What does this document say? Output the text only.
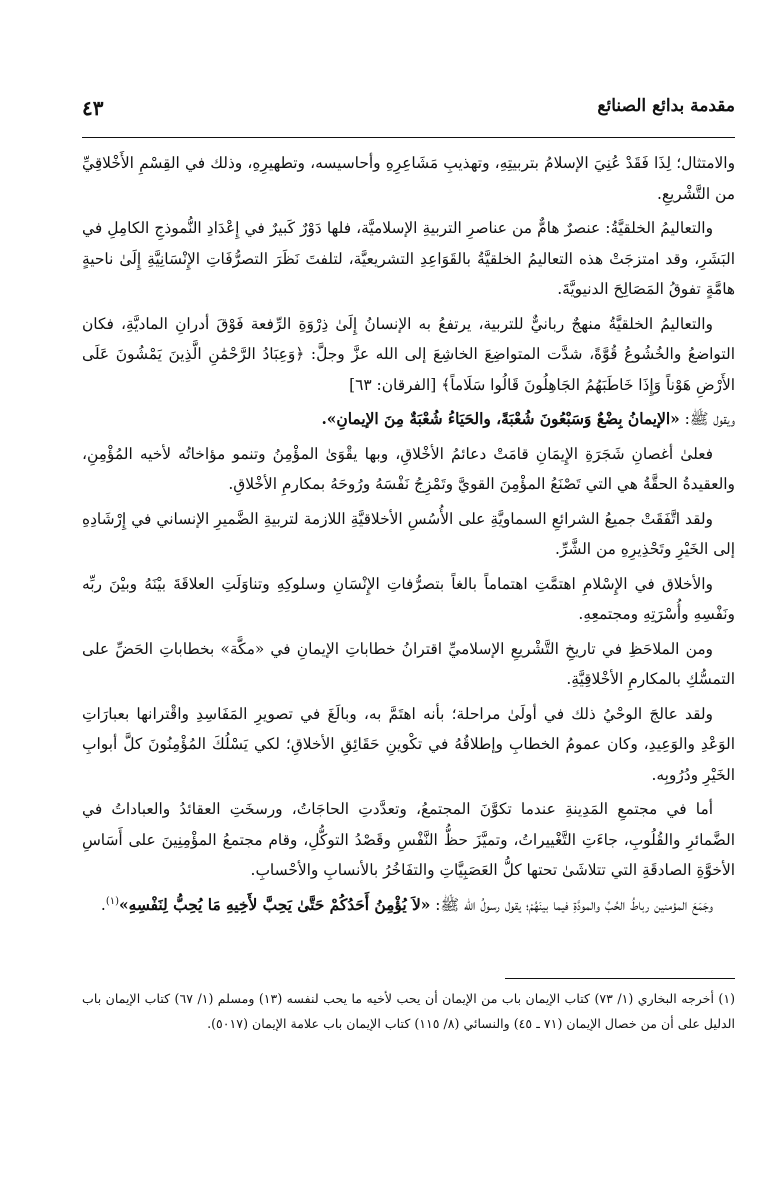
مقدمة بدائع الصنائع
٤٣

والامتثال؛ لِذَا فَقَدْ عُنِيَ الإسلامُ بتربيتِهِ، وتهذيبِ مَشَاعِرِهِ وأحاسيسه، وتطهيرِهِ، وذلك في القِسْمِ الأَخْلاقِيِّ من التَّشْريعِ.

والتعاليمُ الخلقيَّةُ: عنصرٌ هامٌّ من عناصرِ التربيةِ الإسلاميَّة، فلها دَوْرٌ كَبيرٌ في إِعْدَادِ النُّموذجِ الكامِلِ في البَشَرِ، وقد امتزجَتْ هذه التعاليمُ الخلقيَّةُ بالقَوَاعِدِ التشريعيَّة، لتلفتَ نَظَرَ التصرُّفَاتِ الإِنْسَانِيَّةِ إِلَىٰ ناحيةٍ هامَّةٍ تفوقُ المَصَالِحَ الدنيويَّةَ.

والتعاليمُ الخلقيَّةُ منهجٌ ربانيٌّ للتربية، يرتفعُ به الإنسانُ إِلَىٰ ذِرْوَةِ الرِّفعة فَوْقَ أدرانِ الماديَّةِ، فكان التواضعُ والخُشُوعُ قُوَّةً، شدَّت المتواضِعَ الخاشِعَ إلى الله عزَّ وجلَّ: ﴿وَعِبَادُ الرَّحْمَٰنِ الَّذِينَ يَمْشُونَ عَلَى الأَرْضِ هَوْناً وَإِذَا خَاطَبَهُمُ الجَاهِلُونَ قَالُوا سَلَاماً﴾ [الفرقان: ٦٣]

ويقول ﷺ: «الإيمانُ بِضْعٌ وَسَبْعُونَ شُعْبَةً، والحَيَاءُ شُعْبَةٌ مِنَ الإيمانِ».

فعلىٰ أغصانِ شَجَرَةِ الإِيمَانِ قامَتْ دعائمُ الأخْلاقِ، وبها يقْوَىٰ المؤْمِنُ وتنمو مؤاخاتُه لأخيه المُؤْمِنِ، والعقيدةُ الحقَّةُ هي التي تَصْنَعُ المؤْمِنَ القويَّ وتَمْزِجُ نَفْسَهُ ورُوحَهُ بمكارمِ الأخْلاقِ.

ولقد اتَّفَقَتْ جميعُ الشرائعِ السماويَّةِ على الأُسُسِ الأخلاقيَّةِ اللازمة لتربيةِ الضَّميرِ الإنساني في إِرْشَادِهِ إلى الخَيْرِ وتَحْذِيرِهِ من الشَّرِّ.

والأخلاق في الإِسْلامِ اهتمَّتِ اهتماماً بالغاً بتصرُّفاتِ الإِنْسَانِ وسلوكِهِ وتناوَلَتِ العلاقَةَ بيْنَهُ وبيْنَ ربِّه ونَفْسِهِ وأُسْرَتِهِ ومجتمعِهِ.

ومن الملاحَظِ في تاريخِ التَّشْريعِ الإسلاميِّ اقترانُ خطاباتِ الإيمانِ في «مكَّة» بخطاباتِ الحَضِّ على التمسُّكِ بالمكارمِ الأخْلاقِيَّةِ.

ولقد عالجَ الوحْيُ ذلك في أولَىٰ مراحلة؛ بأنه اهتَمَّ به، وبالَغَ في تصويرِ المَفَاسِدِ واقْترانها بعبارَاتِ الوَعْدِ والوَعِيدِ، وكان عمومُ الخطابِ وإطلاقُهُ في تكْوينِ حَقَائِقِ الأخلاقِ؛ لكي يَسْلُكَ المُؤْمِنُونَ كلَّ أبوابِ الخَيْرِ ودُرُوبِه.

أما في مجتمعِ المَدِينةِ عندما تكوَّنَ المجتمعُ، وتعدَّدتِ الحاجَاتُ، ورسخَتِ العقائدُ والعباداتُ في الضَّمائرِ والقُلُوبِ، جاءَتِ التَّغْييراتُ، وتميَّزَ حظُّ النَّفْسِ وقَصْدُ التوكُّلِ، وقام مجتمعُ المؤْمِنِينَ على أَسَاسِ الأخوَّةِ الصادقَةِ التي تتلاشَىٰ تحتها كلُّ العَصَبِيَّاتِ والتفَاخُرُ بالأنسابِ والأحْسابِ.

وجَمَعَ المؤمنين رباطُ الحُبِّ والمودَّةِ فيما بينَهُمْ؛ يقول رسولُ الله ﷺ: «لاَ يُؤْمِنُ أَحَدُكُمْ حَتَّىٰ يَحِبَّ لأَخِيهِ مَا يُحِبُّ لِنَفْسِهِ»$^{(١)}$.

(١) أخرجه البخاري (١/ ٧٣) كتاب الإيمان باب من الإيمان أن يحب لأخيه ما يحب لنفسه (١٣) ومسلم (١/ ٦٧) كتاب الإيمان باب الدليل على أن من خصال الإيمان (٧١ ـ ٤٥) والنسائي (٨/ ١١٥) كتاب الإيمان باب علامة الإيمان (٥٠١٧).
